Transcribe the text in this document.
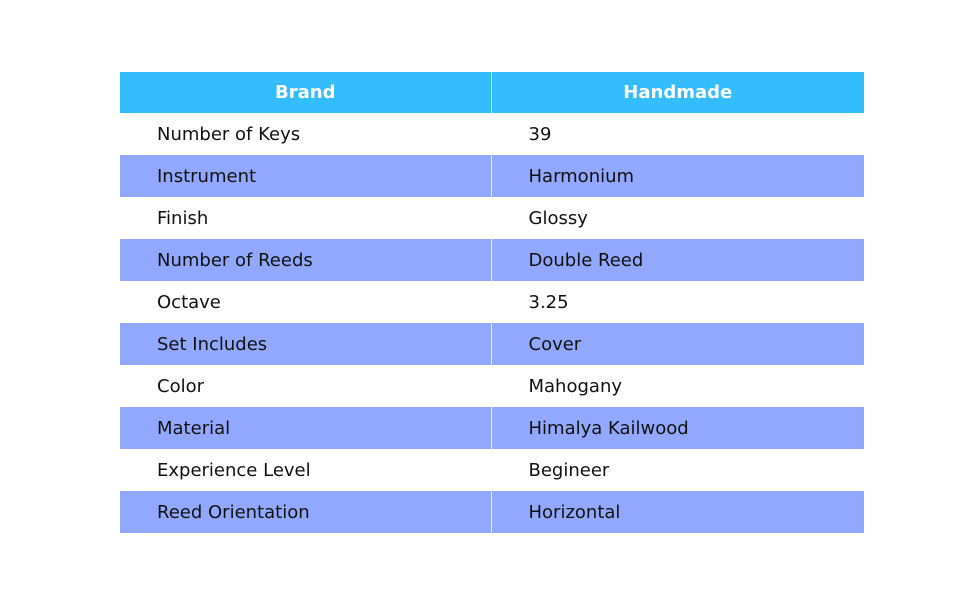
Brand	Handmade
Number of Keys	39
Instrument	Harmonium
Finish	Glossy
Number of Reeds	Double Reed
Octave	3.25
Set Includes	Cover
Color	Mahogany
Material	Himalya Kailwood
Experience Level	Begineer
Reed Orientation	Horizontal
